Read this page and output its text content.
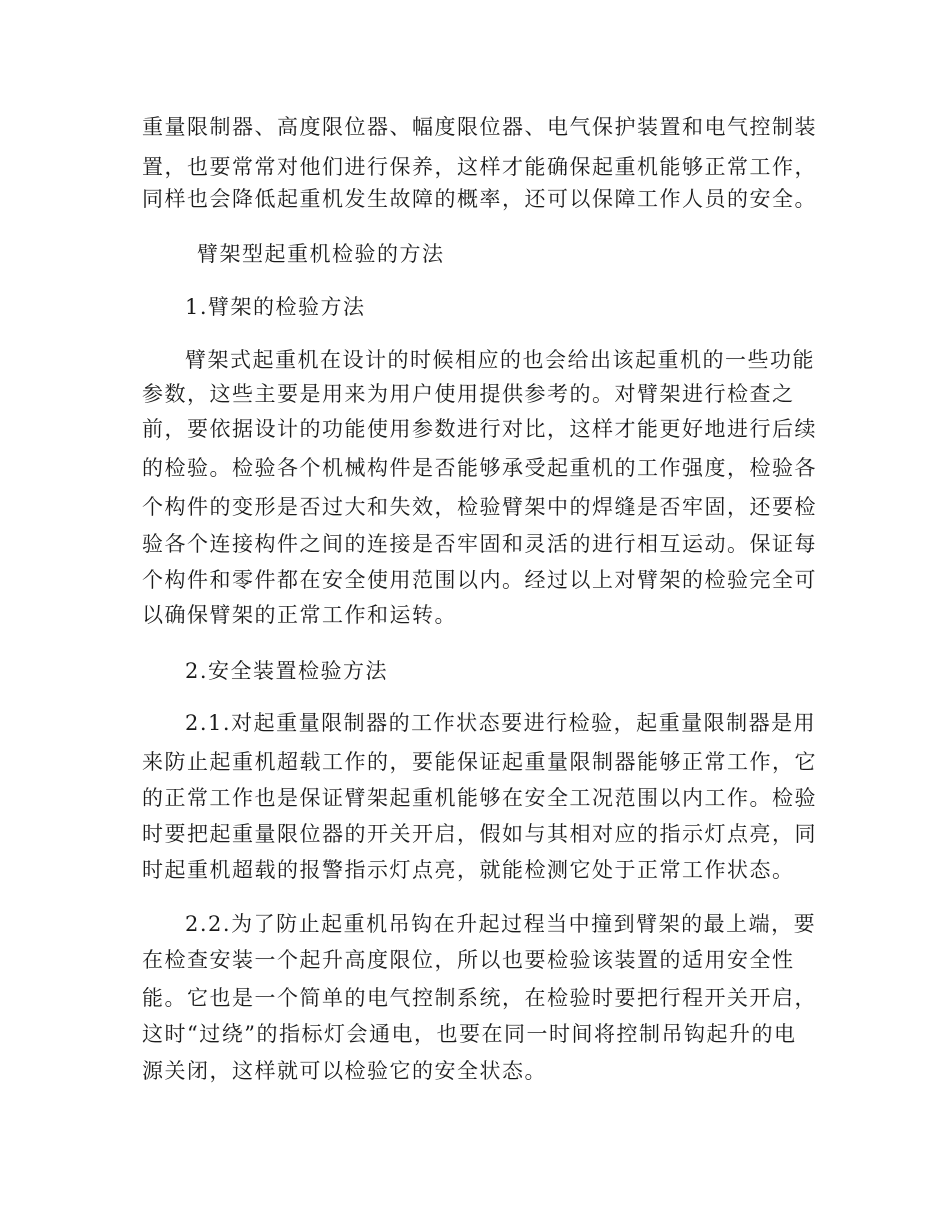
重量限制器、高度限位器、幅度限位器、电气保护装置和电气控制装

置，也要常常对他们进行保养，这样才能确保起重机能够正常工作，

同样也会降低起重机发生故障的概率，还可以保障工作人员的安全。

臂架型起重机检验的方法

1.臂架的检验方法

臂架式起重机在设计的时候相应的也会给出该起重机的一些功能

参数，这些主要是用来为用户使用提供参考的。对臂架进行检查之

前，要依据设计的功能使用参数进行对比，这样才能更好地进行后续

的检验。检验各个机械构件是否能够承受起重机的工作强度，检验各

个构件的变形是否过大和失效，检验臂架中的焊缝是否牢固，还要检

验各个连接构件之间的连接是否牢固和灵活的进行相互运动。保证每

个构件和零件都在安全使用范围以内。经过以上对臂架的检验完全可

以确保臂架的正常工作和运转。

2.安全装置检验方法

2.1.对起重量限制器的工作状态要进行检验，起重量限制器是用

来防止起重机超载工作的，要能保证起重量限制器能够正常工作，它

的正常工作也是保证臂架起重机能够在安全工况范围以内工作。检验

时要把起重量限位器的开关开启，假如与其相对应的指示灯点亮，同

时起重机超载的报警指示灯点亮，就能检测它处于正常工作状态。

2.2.为了防止起重机吊钩在升起过程当中撞到臂架的最上端，要

在检查安装一个起升高度限位，所以也要检验该装置的适用安全性

能。它也是一个简单的电气控制系统，在检验时要把行程开关开启，

这时“过绕”的指标灯会通电，也要在同一时间将控制吊钩起升的电

源关闭，这样就可以检验它的安全状态。
